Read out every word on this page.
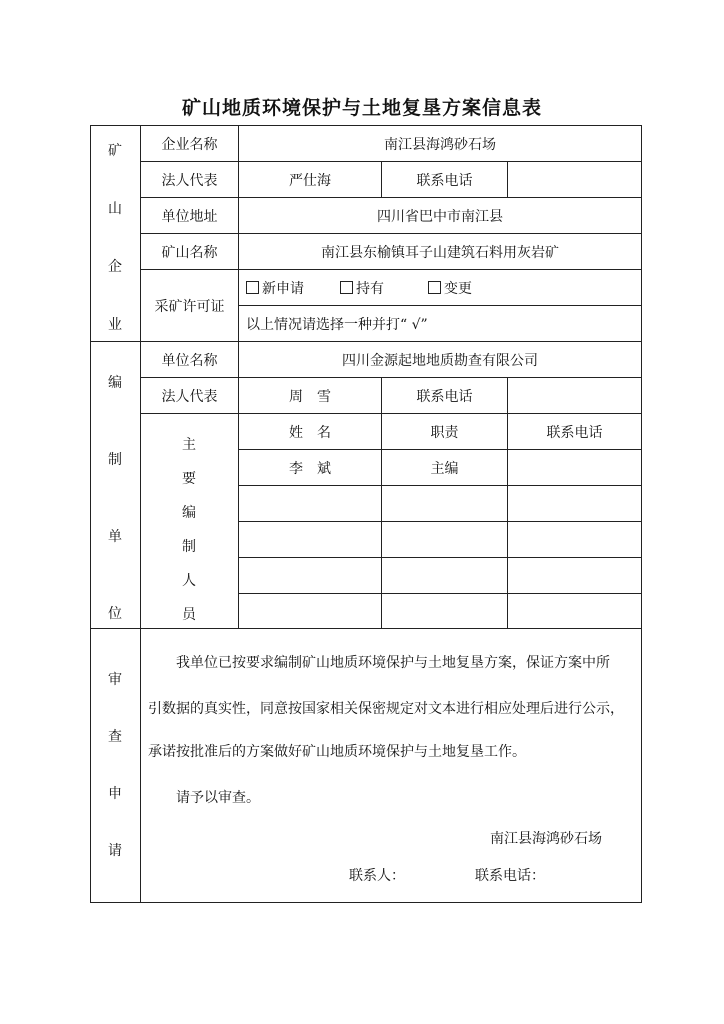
矿山地质环境保护与土地复垦方案信息表
矿
山
企
业
企业名称	南江县海鸿砂石场
法人代表	严仕海	联系电话
单位地址	四川省巴中市南江县
矿山名称	南江县东榆镇耳子山建筑石料用灰岩矿
采矿许可证
新申请	持有	变更
以上情况请选择一种并打“ √”
编
制
单
位
单位名称	四川金源起地地质勘查有限公司
法人代表	周　雪	联系电话
主
要
编
制
人
员
姓　名	职责	联系电话
李　斌	主编
审
查
申
请
我单位已按要求编制矿山地质环境保护与土地复垦方案，保证方案中所
引数据的真实性，同意按国家相关保密规定对文本进行相应处理后进行公示，
承诺按批准后的方案做好矿山地质环境保护与土地复垦工作。
请予以审查。
南江县海鸿砂石场
联系人：	联系电话：
